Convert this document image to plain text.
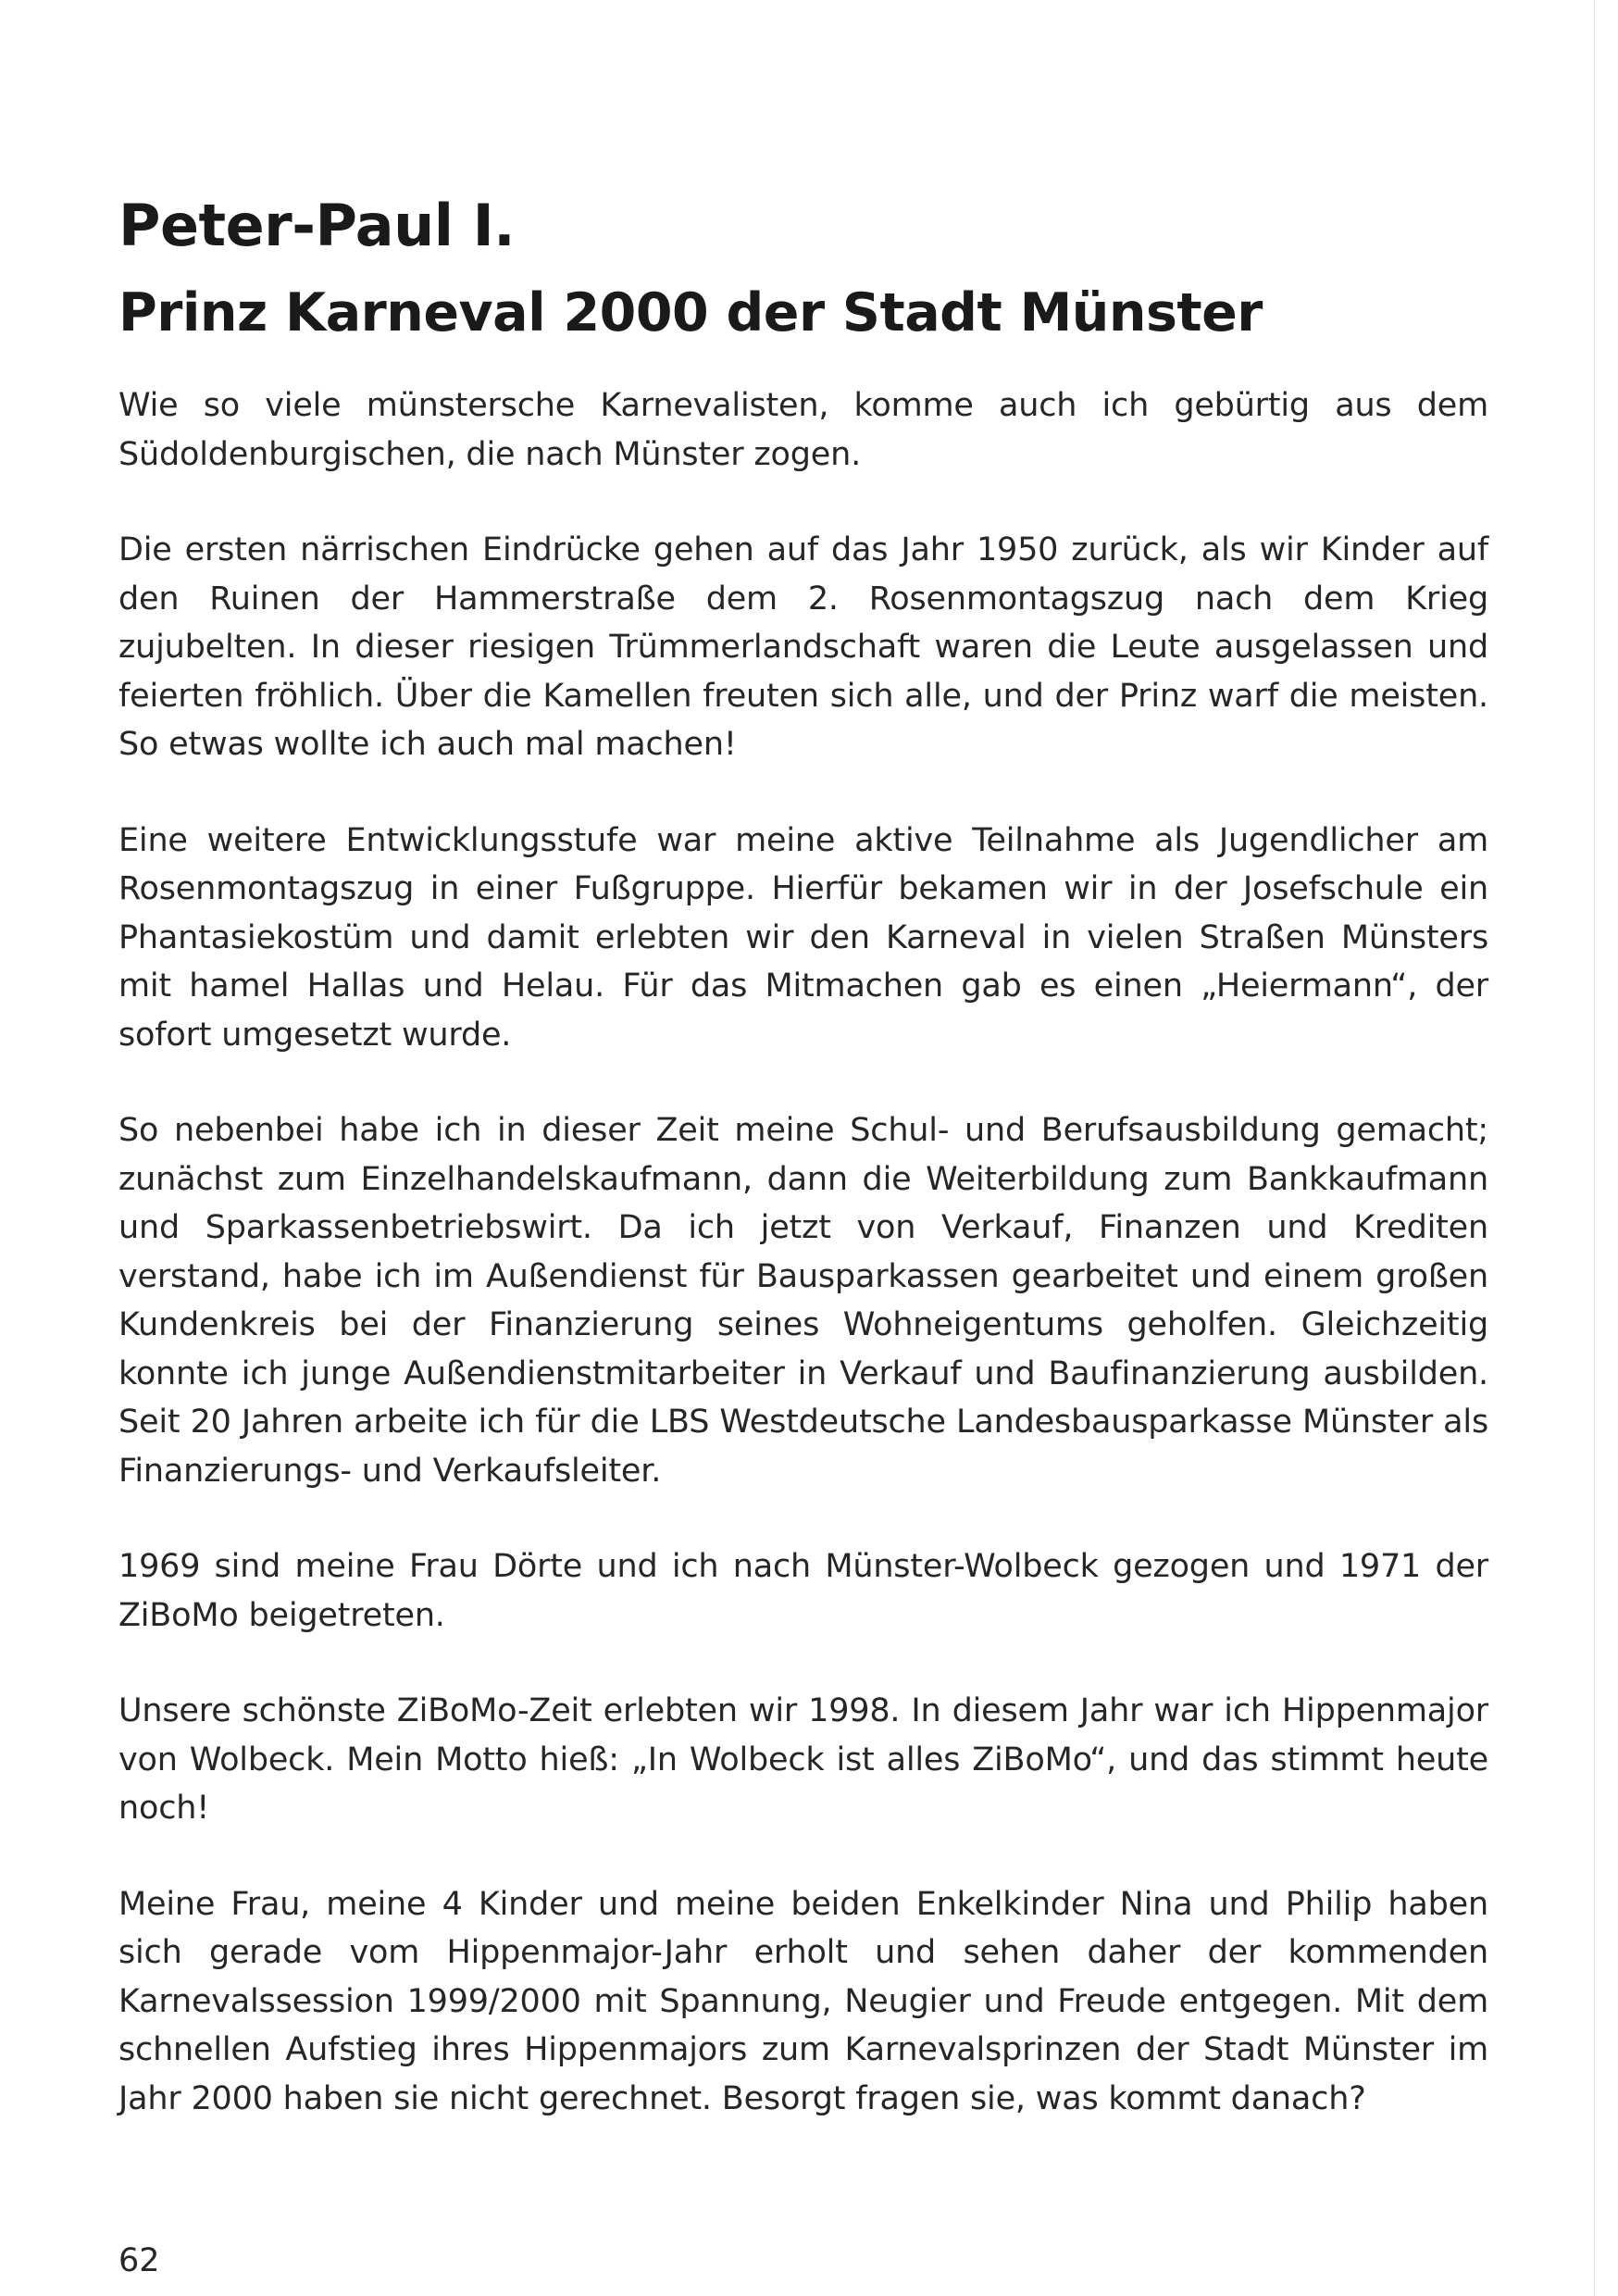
Peter-Paul I.
Prinz Karneval 2000 der Stadt Münster

Wie so viele münstersche Karnevalisten, komme auch ich gebürtig aus dem Südoldenburgischen, die nach Münster zogen.

Die ersten närrischen Eindrücke gehen auf das Jahr 1950 zurück, als wir Kinder auf den Ruinen der Hammerstraße dem 2. Rosenmontagszug nach dem Krieg zujubelten. In dieser riesigen Trümmerlandschaft waren die Leute ausgelassen und feierten fröhlich. Über die Kamellen freuten sich alle, und der Prinz warf die meisten. So etwas wollte ich auch mal machen!

Eine weitere Entwicklungsstufe war meine aktive Teilnahme als Jugendlicher am Rosenmontagszug in einer Fußgruppe. Hierfür bekamen wir in der Josefschule ein Phantasiekostüm und damit erlebten wir den Karneval in vielen Straßen Münsters mit hamel Hallas und Helau. Für das Mitmachen gab es einen „Heiermann“, der sofort umgesetzt wurde.

So nebenbei habe ich in dieser Zeit meine Schul- und Berufsausbildung gemacht; zunächst zum Einzelhandelskaufmann, dann die Weiterbildung zum Bankkaufmann und Sparkassenbetriebswirt. Da ich jetzt von Verkauf, Finanzen und Krediten verstand, habe ich im Außendienst für Bausparkassen gearbeitet und einem großen Kundenkreis bei der Finanzierung seines Wohneigentums geholfen. Gleichzeitig konnte ich junge Außendienstmitarbeiter in Verkauf und Baufinanzierung ausbilden. Seit 20 Jahren arbeite ich für die LBS Westdeutsche Landesbausparkasse Münster als Finanzierungs- und Verkaufsleiter.

1969 sind meine Frau Dörte und ich nach Münster-Wolbeck gezogen und 1971 der ZiBoMo beigetreten.

Unsere schönste ZiBoMo-Zeit erlebten wir 1998. In diesem Jahr war ich Hippenmajor von Wolbeck. Mein Motto hieß: „In Wolbeck ist alles ZiBoMo“, und das stimmt heute noch!

Meine Frau, meine 4 Kinder und meine beiden Enkelkinder Nina und Philip haben sich gerade vom Hippenmajor-Jahr erholt und sehen daher der kommenden Karnevalssession 1999/2000 mit Spannung, Neugier und Freude entgegen. Mit dem schnellen Aufstieg ihres Hippenmajors zum Karnevalsprinzen der Stadt Münster im Jahr 2000 haben sie nicht gerechnet. Besorgt fragen sie, was kommt danach?

62
